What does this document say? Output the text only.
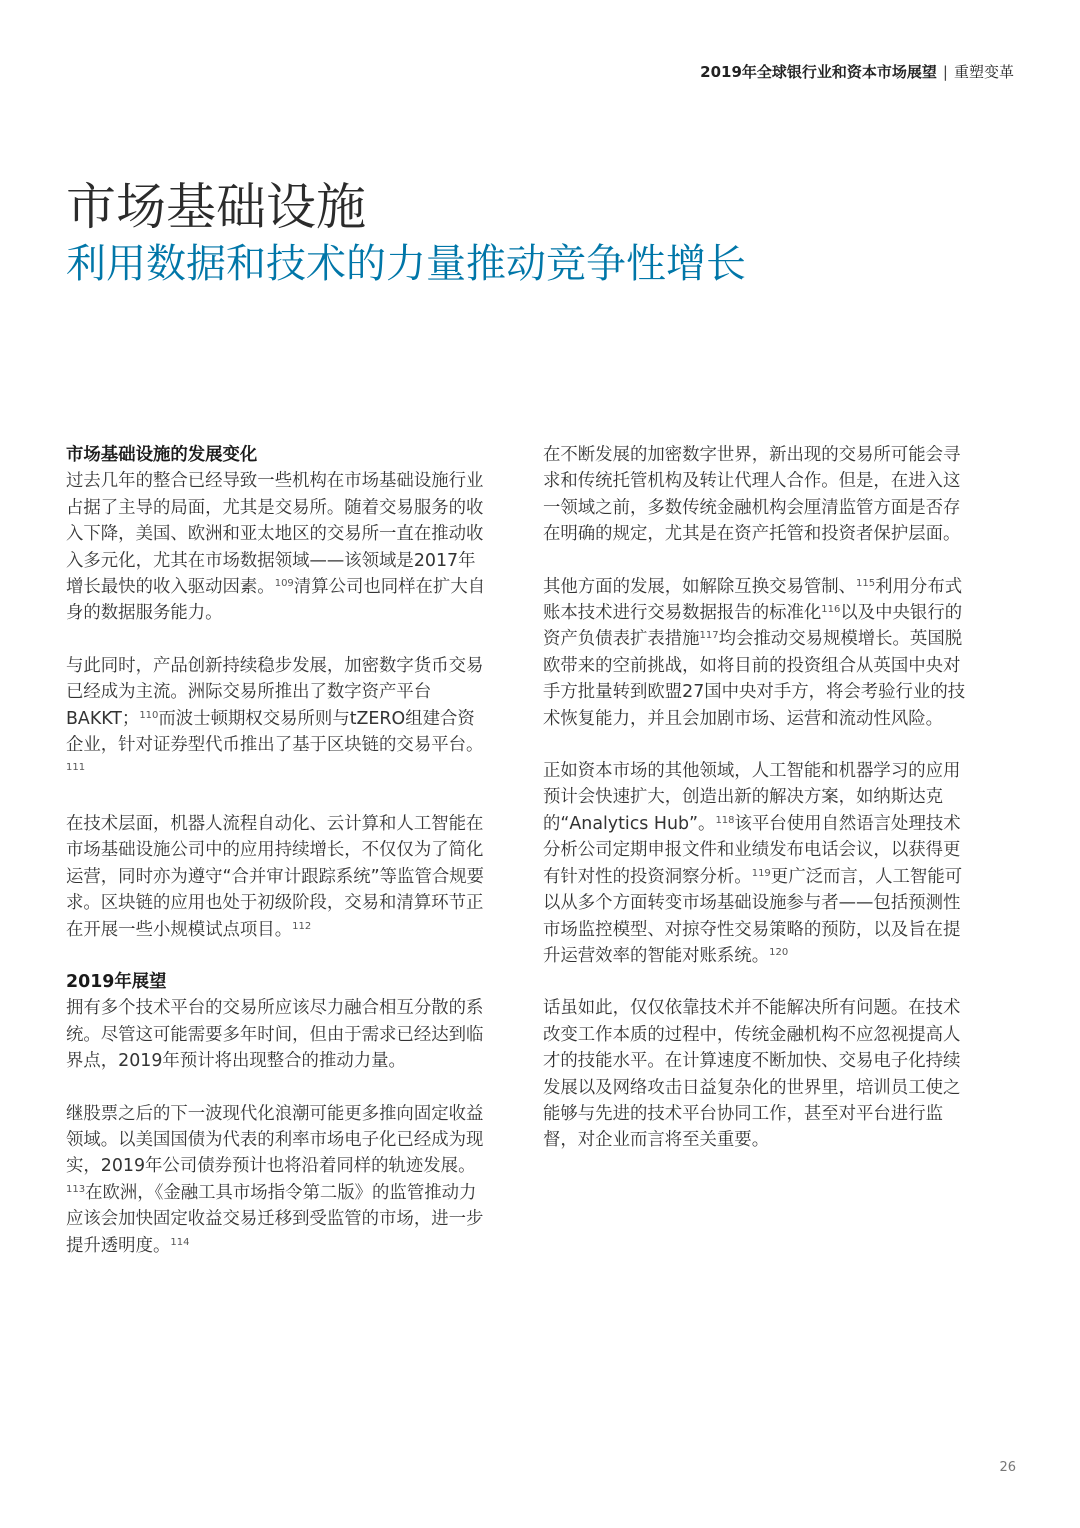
2019年全球银行业和资本市场展望 | 重塑变革
市场基础设施
利用数据和技术的力量推动竞争性增长
市场基础设施的发展变化

过去几年的整合已经导致一些机构在市场基础设施行业占据了主导的局面，尤其是交易所。随着交易服务的收入下降，美国、欧洲和亚太地区的交易所一直在推动收入多元化，尤其在市场数据领域——该领域是2017年增长最快的收入驱动因素。$^{109}$清算公司也同样在扩大自身的数据服务能力。

与此同时，产品创新持续稳步发展，加密数字货币交易已经成为主流。洲际交易所推出了数字资产平台BAKKT；$^{110}$而波士顿期权交易所则与tZERO组建合资企业，针对证券型代币推出了基于区块链的交易平台。$^{111}$

在技术层面，机器人流程自动化、云计算和人工智能在市场基础设施公司中的应用持续增长，不仅仅为了简化运营，同时亦为遵守“合并审计跟踪系统”等监管合规要求。区块链的应用也处于初级阶段，交易和清算环节正在开展一些小规模试点项目。$^{112}$

2019年展望

拥有多个技术平台的交易所应该尽力融合相互分散的系统。尽管这可能需要多年时间，但由于需求已经达到临界点，2019年预计将出现整合的推动力量。

继股票之后的下一波现代化浪潮可能更多推向固定收益领域。以美国国债为代表的利率市场电子化已经成为现实，2019年公司债券预计也将沿着同样的轨迹发展。$^{113}$在欧洲，《金融工具市场指令第二版》的监管推动力应该会加快固定收益交易迁移到受监管的市场，进一步提升透明度。$^{114}$

在不断发展的加密数字世界，新出现的交易所可能会寻求和传统托管机构及转让代理人合作。但是，在进入这一领域之前，多数传统金融机构会厘清监管方面是否存在明确的规定，尤其是在资产托管和投资者保护层面。

其他方面的发展，如解除互换交易管制、$^{115}$利用分布式账本技术进行交易数据报告的标准化$^{116}$以及中央银行的资产负债表扩表措施$^{117}$均会推动交易规模增长。英国脱欧带来的空前挑战，如将目前的投资组合从英国中央对手方批量转到欧盟27国中央对手方，将会考验行业的技术恢复能力，并且会加剧市场、运营和流动性风险。

正如资本市场的其他领域，人工智能和机器学习的应用预计会快速扩大，创造出新的解决方案，如纳斯达克的“Analytics Hub”。$^{118}$该平台使用自然语言处理技术分析公司定期申报文件和业绩发布电话会议，以获得更有针对性的投资洞察分析。$^{119}$更广泛而言，人工智能可以从多个方面转变市场基础设施参与者——包括预测性市场监控模型、对掠夺性交易策略的预防，以及旨在提升运营效率的智能对账系统。$^{120}$

话虽如此，仅仅依靠技术并不能解决所有问题。在技术改变工作本质的过程中，传统金融机构不应忽视提高人才的技能水平。在计算速度不断加快、交易电子化持续发展以及网络攻击日益复杂化的世界里，培训员工使之能够与先进的技术平台协同工作，甚至对平台进行监督，对企业而言将至关重要。

26
